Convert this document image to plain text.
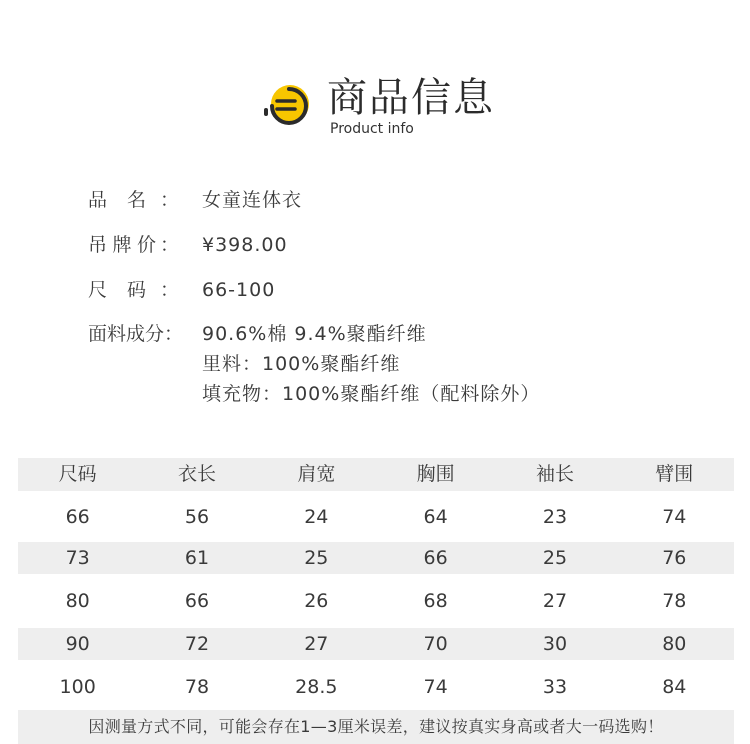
商品信息
Product info
品 名 ： 女童连体衣
吊 牌 价 ： ¥398.00
尺 码 ： 66-100
面 料 成 分 ： 90.6%棉 9.4%聚酯纤维
里料：100%聚酯纤维
填充物：100%聚酯纤维（配料除外）
尺码	衣长	肩宽	胸围	袖长	臂围
66	56	24	64	23	74
73	61	25	66	25	76
80	66	26	68	27	78
90	72	27	70	30	80
100	78	28.5	74	33	84
因测量方式不同，可能会存在1—3厘米误差，建议按真实身高或者大一码选购！
